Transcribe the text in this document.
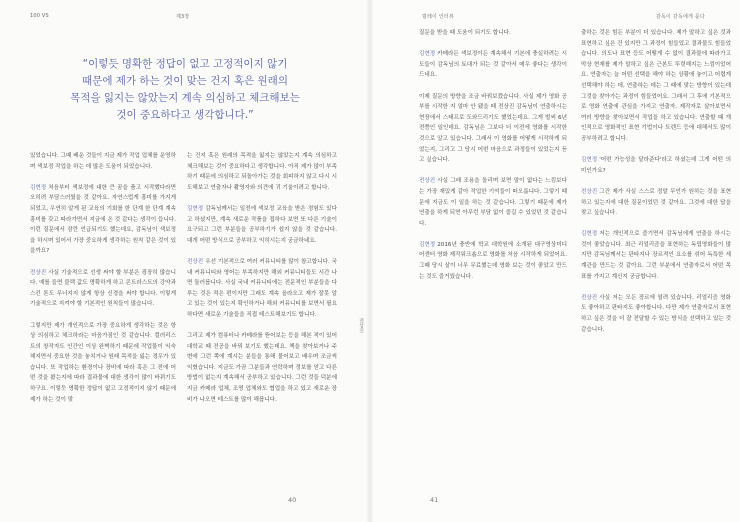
100 VS	제3장
“이렇듯 명확한 정답이 없고 고정적이지 않기
때문에 제가 하는 것이 맞는 건지 혹은 원래의
목적을 잃지는 않았는지 계속 의심하고 체크해보는
것이 중요하다고 생각합니다.”

있었습니다. 그때 배운 것들이 지금 제가 작업 업체를 운영하며 색보정 작업을 하는 데 많은 도움이 되었습니다.

김현정 처음부터 색보정에 대한 큰 꿈을 품고 시작했다라면 오히려 부담스러웠을 것 같아요. 자연스럽게 흥미를 가지게 되었고, 우연히 알게 된 교육의 기회를 한 단계 한 단계 계속 흥미를 갖고 따라가면서 지금에 온 것 같다는 생각이 듭니다. 이런 질문에서 잠깐 언급되기도 했는데요, 감독님이 색보정을 하시며 있어서 가장 중요하게 생각하는 원칙 같은 것이 있을까요?

전상진 사실 기술적으로 선생 써야 할 부분은 굉장히 많습니다. 예를 들면 블랙 값도 명확하게 하고 콘트라스트의 강약과 스킨 톤도 무너지지 않게 항상 신경을 써야 합니다. 이렇게 기술적으로 지켜야 할 기본적인 원칙들이 많습니다.

그렇지만 제가 개인적으로 가장 중요하게 생각하는 것은 항상 의심하고 체크하라는 마음가짐인 것 같습니다. 컬러리스트의 창작자도 인간인 이상 완벽하기 때문에 작업물이 익숙해지면서 중요한 것을 놓치거나 원래 목적을 잃는 경우가 있습니다. 또 작업하는 환경이나 장비에 따라 혹은 그 전에 어떤 것을 봤는지에 따라 결과물에 대한 생각이 많이 바뀌기도 하구요. 이렇듯 명확한 정답이 없고 고정적이지 않기 때문에 제가 하는 것이 맞

는 건지 혹은 원래의 목적을 잃지는 않았는지 계속 의심하고 체크해보는 것이 중요하다고 생각합니다. 아직 제가 많이 부족하기 때문에 의심하고 되돌아가는 것을 회피하지 않고 다시 시도해보고 연출자나 촬영자와 의견에 귀 기울이려고 합니다.

김현정 감독님께서는 일전에 색보정 교육을 받은 경험도 있다고 하셨지만, 계속 새로운 작품을 접하다 보면 또 다른 기술이 요구되고 그런 부분들을 공부하기가 쉽지 않을 것 같습니다. 대개 어떤 방식으로 공부하고 익히시는지 궁금하네요.

전상진 우선 기본적으로 여러 커뮤니티를 많이 참고합니다. 국내 커뮤니티와 영어는 부족하지만 해외 커뮤니티들도 시간 나면 둘러봅니다. 사실 국내 커뮤니티에는 전문적인 부분들을 다루는 것은 적은 편이지만 그래도 계속 올라오고 제가 잘못 알고 있는 것이 있는지 확인하거나 해외 커뮤니티를 보면서 필요하다면 새로운 기술들을 직접 테스트해보기도 합니다.

그리고 제가 컴퓨터나 카메라를 뜯어보는 등을 해본 적이 있어 대학교 때 전공을 바꿔 보기도 했는데요. 책을 찾아보거나 주변에 그런 쪽에 계시는 분들을 통해 물어보고 배우며 조금씩 익혔습니다. 지금도 가끔 그분들과 연락하며 정보를 얻고 다른 방법이 없는지 계속해서 공부하고 있습니다. 그런 것들 덕분에 지금 카메라 업체, 조명 업체와도 협업을 하고 있고 새로운 장비가 나오면 테스트를 많이 해봅니다.

40
릴레이 인터뷰	감독이 감독에게 묻다

질문을 받을 때 도움이 되기도 합니다.

김현정 카메라든 색보정이든 계속해서 기본에 충실하려는 시도들이 감독님의 토대가 되는 것 같아서 매우 좋다는 생각이 드네요.

이제 질문의 방향을 조금 바꿔보겠습니다. 사실 제가 영화 공부를 시작한 지 얼마 안 됐을 때 전상진 감독님이 연출하시는 현장에서 스태프로 도와드리기도 했었는데요. 그게 벌써 6년 전쯤인 일인데요. 감독님은 그보다 더 이전에 영화를 시작한 것으로 알고 있습니다. 그래서 이 영화를 어떻게 시작하게 되었는지, 그리고 그 당시 어떤 마음으로 과정들이 있었는지 듣고 싶습니다.

전상진 사실 그래 조용을 돌리며 보면 말이 없다는 느낌보다는 가장 재밌게 같아 작업한 기억들이 떠오릅니다. 그렇기 때문에 지금도 이 일을 하는 것 같습니다. 그렇기 때문에 제가 연출을 하게 되면 아무런 부담 없이 즐길 수 있었던 것 같습니다.

김현정 2016년 충반에 학교 대학원에 소개된 대구영상미디어센터 영화 제작워크숍으로 영화를 처음 시작하게 되었어요. 그때 당시 살이 너무 무료했는데 영화 보는 것이 좋았고 만드는 것도 즐거웠습니다.

출하는 것은 힘든 부분이 더 있습니다. 제가 말하고 싶은 것과 표현하고 싶은 건 있지만 그 과정이 힘들었고 결과물도 힘들었습니다. 의도나 표현 등도 어떻게 수 없이 결과물에 따라가고 막상 현재를 제가 말하고 싶은 근본도 뚜렷해지는 느낌이었어요. 연출자는 늘 어떤 선택을 해야 하는 상황에 놓이고 어렵게 선택해야 하는 데, 연출하는 데는 그 때에 맞는 방향이 있는데 그것을 찾아가는 과정이 힘들었어요. 그래서 그 후에 기본적으로 영화 연출에 관심을 가지고 연출자, 제작자로 살아보면서 여러 방향을 찾아보면서 작업을 하고 있습니다. 연출할 때 개인적으로 영화적인 표현 기법이나 트렌드 등에 대해서도 많이 공부하려고 합니다.

김현정 '어떤 가능성을 달라준다'라고 하셨는데 그게 어떤 의미인가요?

전상진 그건 제가 사실 스스로 정말 무언가 원하는 것을 표현하고 있는지에 대한 질문이었던 것 같아요. 그것에 대한 답을 찾고 싶습니다.

김현정 저는 개인적으로 즐기면서 감독님에게 연출을 하시는 것이 좋았습니다. 최근 리얼리즘을 표현하는 독립영화들이 많지만 감독님께서는 판타지나 장르적인 요소를 섞어 독특한 세계관을 만드는 것 같아요. 그런 부분에서 연출자로서 어떤 목표를 가지고 계신지 궁금합니다.

전상진 사실 저는 모든 장르에 열려 있습니다. 리얼리즘 영화도 좋아하고 판타지도 좋아합니다. 다만 제가 연출자로서 표현하고 싶은 것을 더 잘 전달할 수 있는 방식을 선택하고 있는 것 같습니다.

41
전상진
